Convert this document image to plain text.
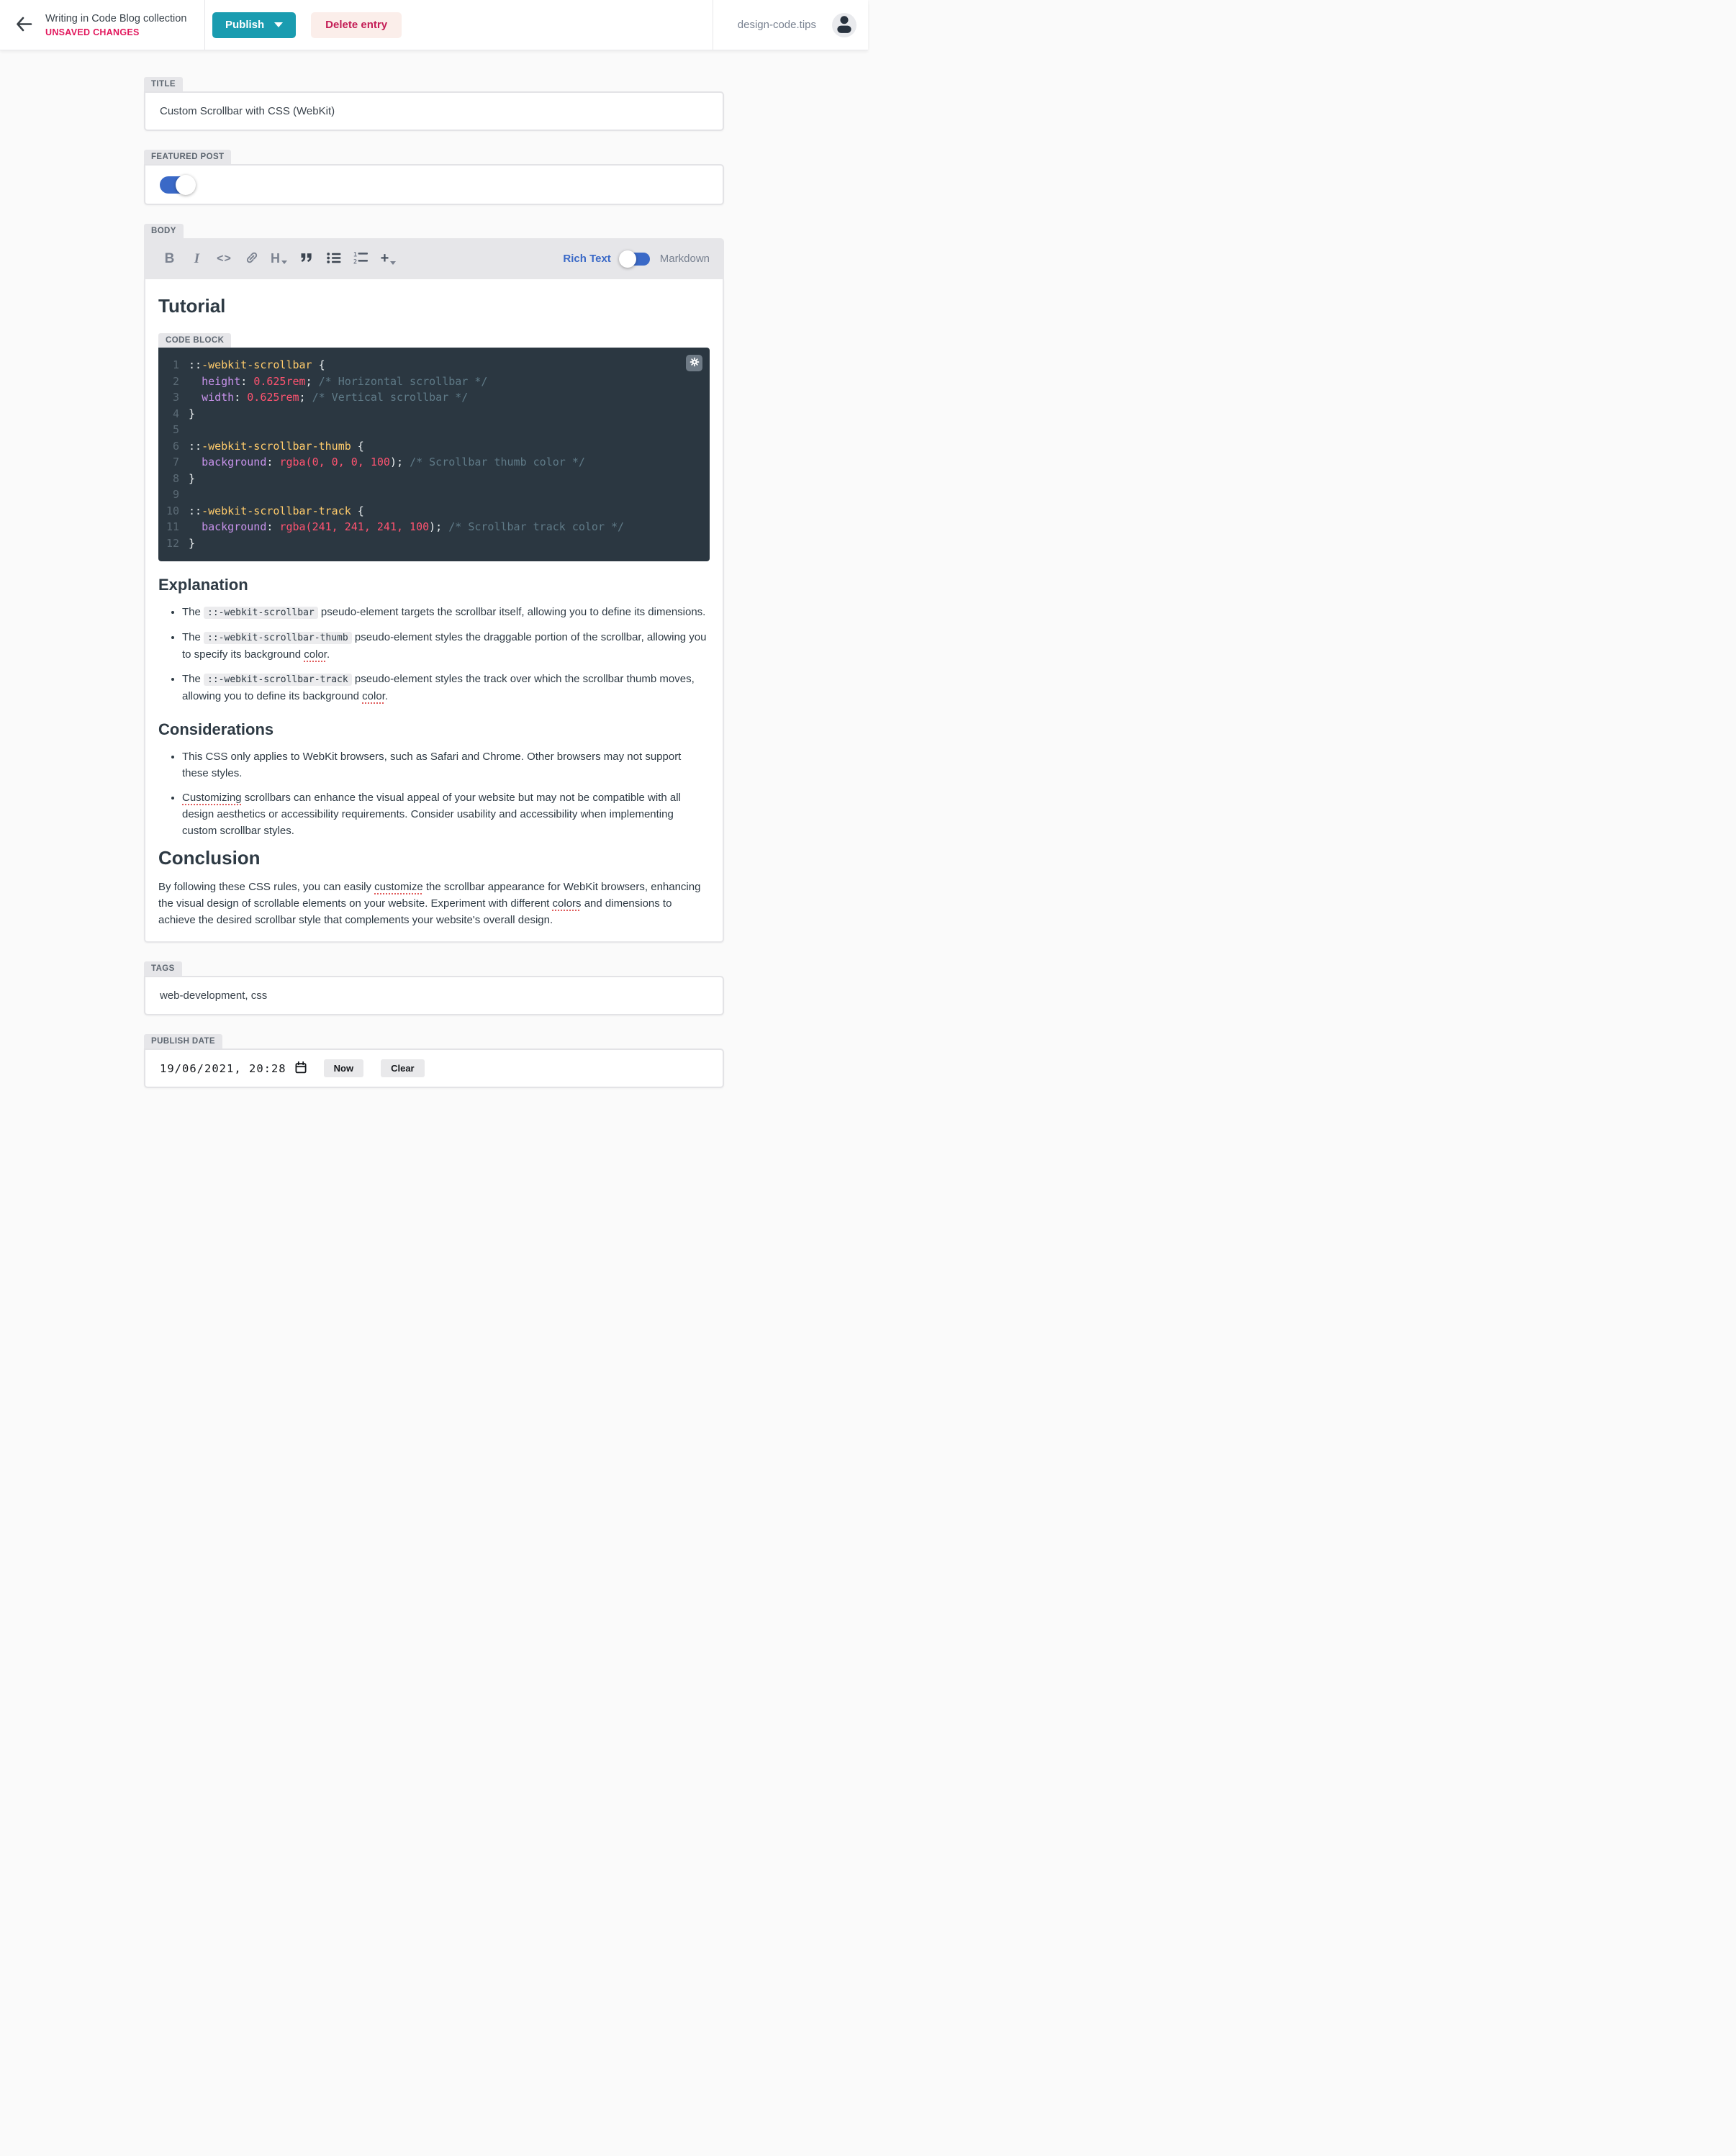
Writing in Code Blog collection
UNSAVED CHANGES
Publish	Delete entry	design-code.tips
TITLE
Custom Scrollbar with CSS (WebKit)
FEATURED POST
BODY
B I <>	H	1
2 +	Rich Text	Markdown
Tutorial
CODE BLOCK
1 ::-webkit-scrollbar {
2	height: 0.625rem; /* Horizontal scrollbar */
3	width: 0.625rem; /* Vertical scrollbar */
4 }
5
6 ::-webkit-scrollbar-thumb {
7	background: rgba(0, 0, 0, 100); /* Scrollbar thumb color */
8 }
9
10 ::-webkit-scrollbar-track {
11	background: rgba(241, 241, 241, 100); /* Scrollbar track color */
12 }
Explanation
• The ::-webkit-scrollbar pseudo-element targets the scrollbar itself, allowing you to define its dimensions.
• The ::-webkit-scrollbar-thumb pseudo-element styles the draggable portion of the scrollbar, allowing you to specify its background color.
• The ::-webkit-scrollbar-track pseudo-element styles the track over which the scrollbar thumb moves, allowing you to define its background color.
Considerations
• This CSS only applies to WebKit browsers, such as Safari and Chrome. Other browsers may not support these styles.
• Customizing scrollbars can enhance the visual appeal of your website but may not be compatible with all design aesthetics or accessibility requirements. Consider usability and accessibility when implementing custom scrollbar styles.
Conclusion

By following these CSS rules, you can easily customize the scrollbar appearance for WebKit browsers, enhancing the visual design of scrollable elements on your website. Experiment with different colors and dimensions to achieve the desired scrollbar style that complements your website's overall design.

TAGS
web-development, css
PUBLISH DATE
19/06/2021, 20:28	Now	Clear
